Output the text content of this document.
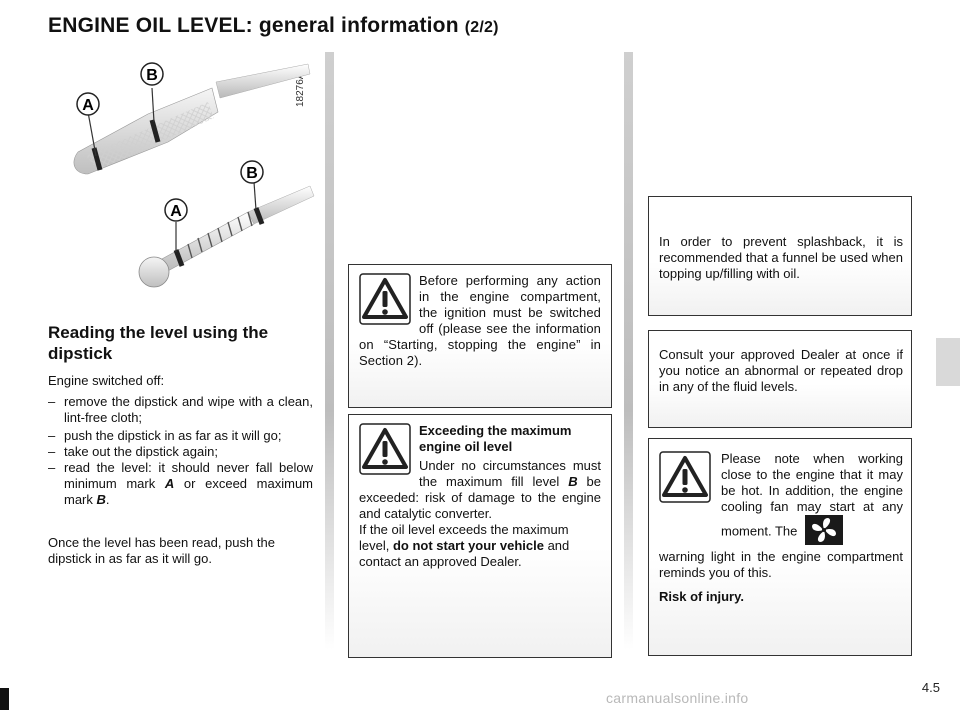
ENGINE OIL LEVEL: general information (2/2)
18276A
B
A
B
A
Reading the level using the dipstick
Engine switched off:
– remove the dipstick and wipe with a clean, lint-free cloth;
– push the dipstick in as far as it will go;
– take out the dipstick again;
– read the level: it should never fall below minimum mark A or exceed maximum mark B.
Once the level has been read, push the dipstick in as far as it will go.
Before performing any action in the engine compartment, the ignition must be switched off (please see the information on “Starting, stopping the engine” in Section 2).
Exceeding the maximum engine oil level
Under no circumstances must the maximum fill level B be exceeded: risk of damage to the engine and catalytic converter.
If the oil level exceeds the maximum level, do not start your vehicle and contact an approved Dealer.
In order to prevent splashback, it is recommended that a funnel be used when topping up/filling with oil.
Consult your approved Dealer at once if you notice an abnormal or repeated drop in any of the fluid levels.
Please note when working close to the engine that it may be hot. In addition, the engine cooling fan may start at any moment. The
warning light in the engine compartment reminds you of this.
Risk of injury.
4.5
carmanualsonline.info
